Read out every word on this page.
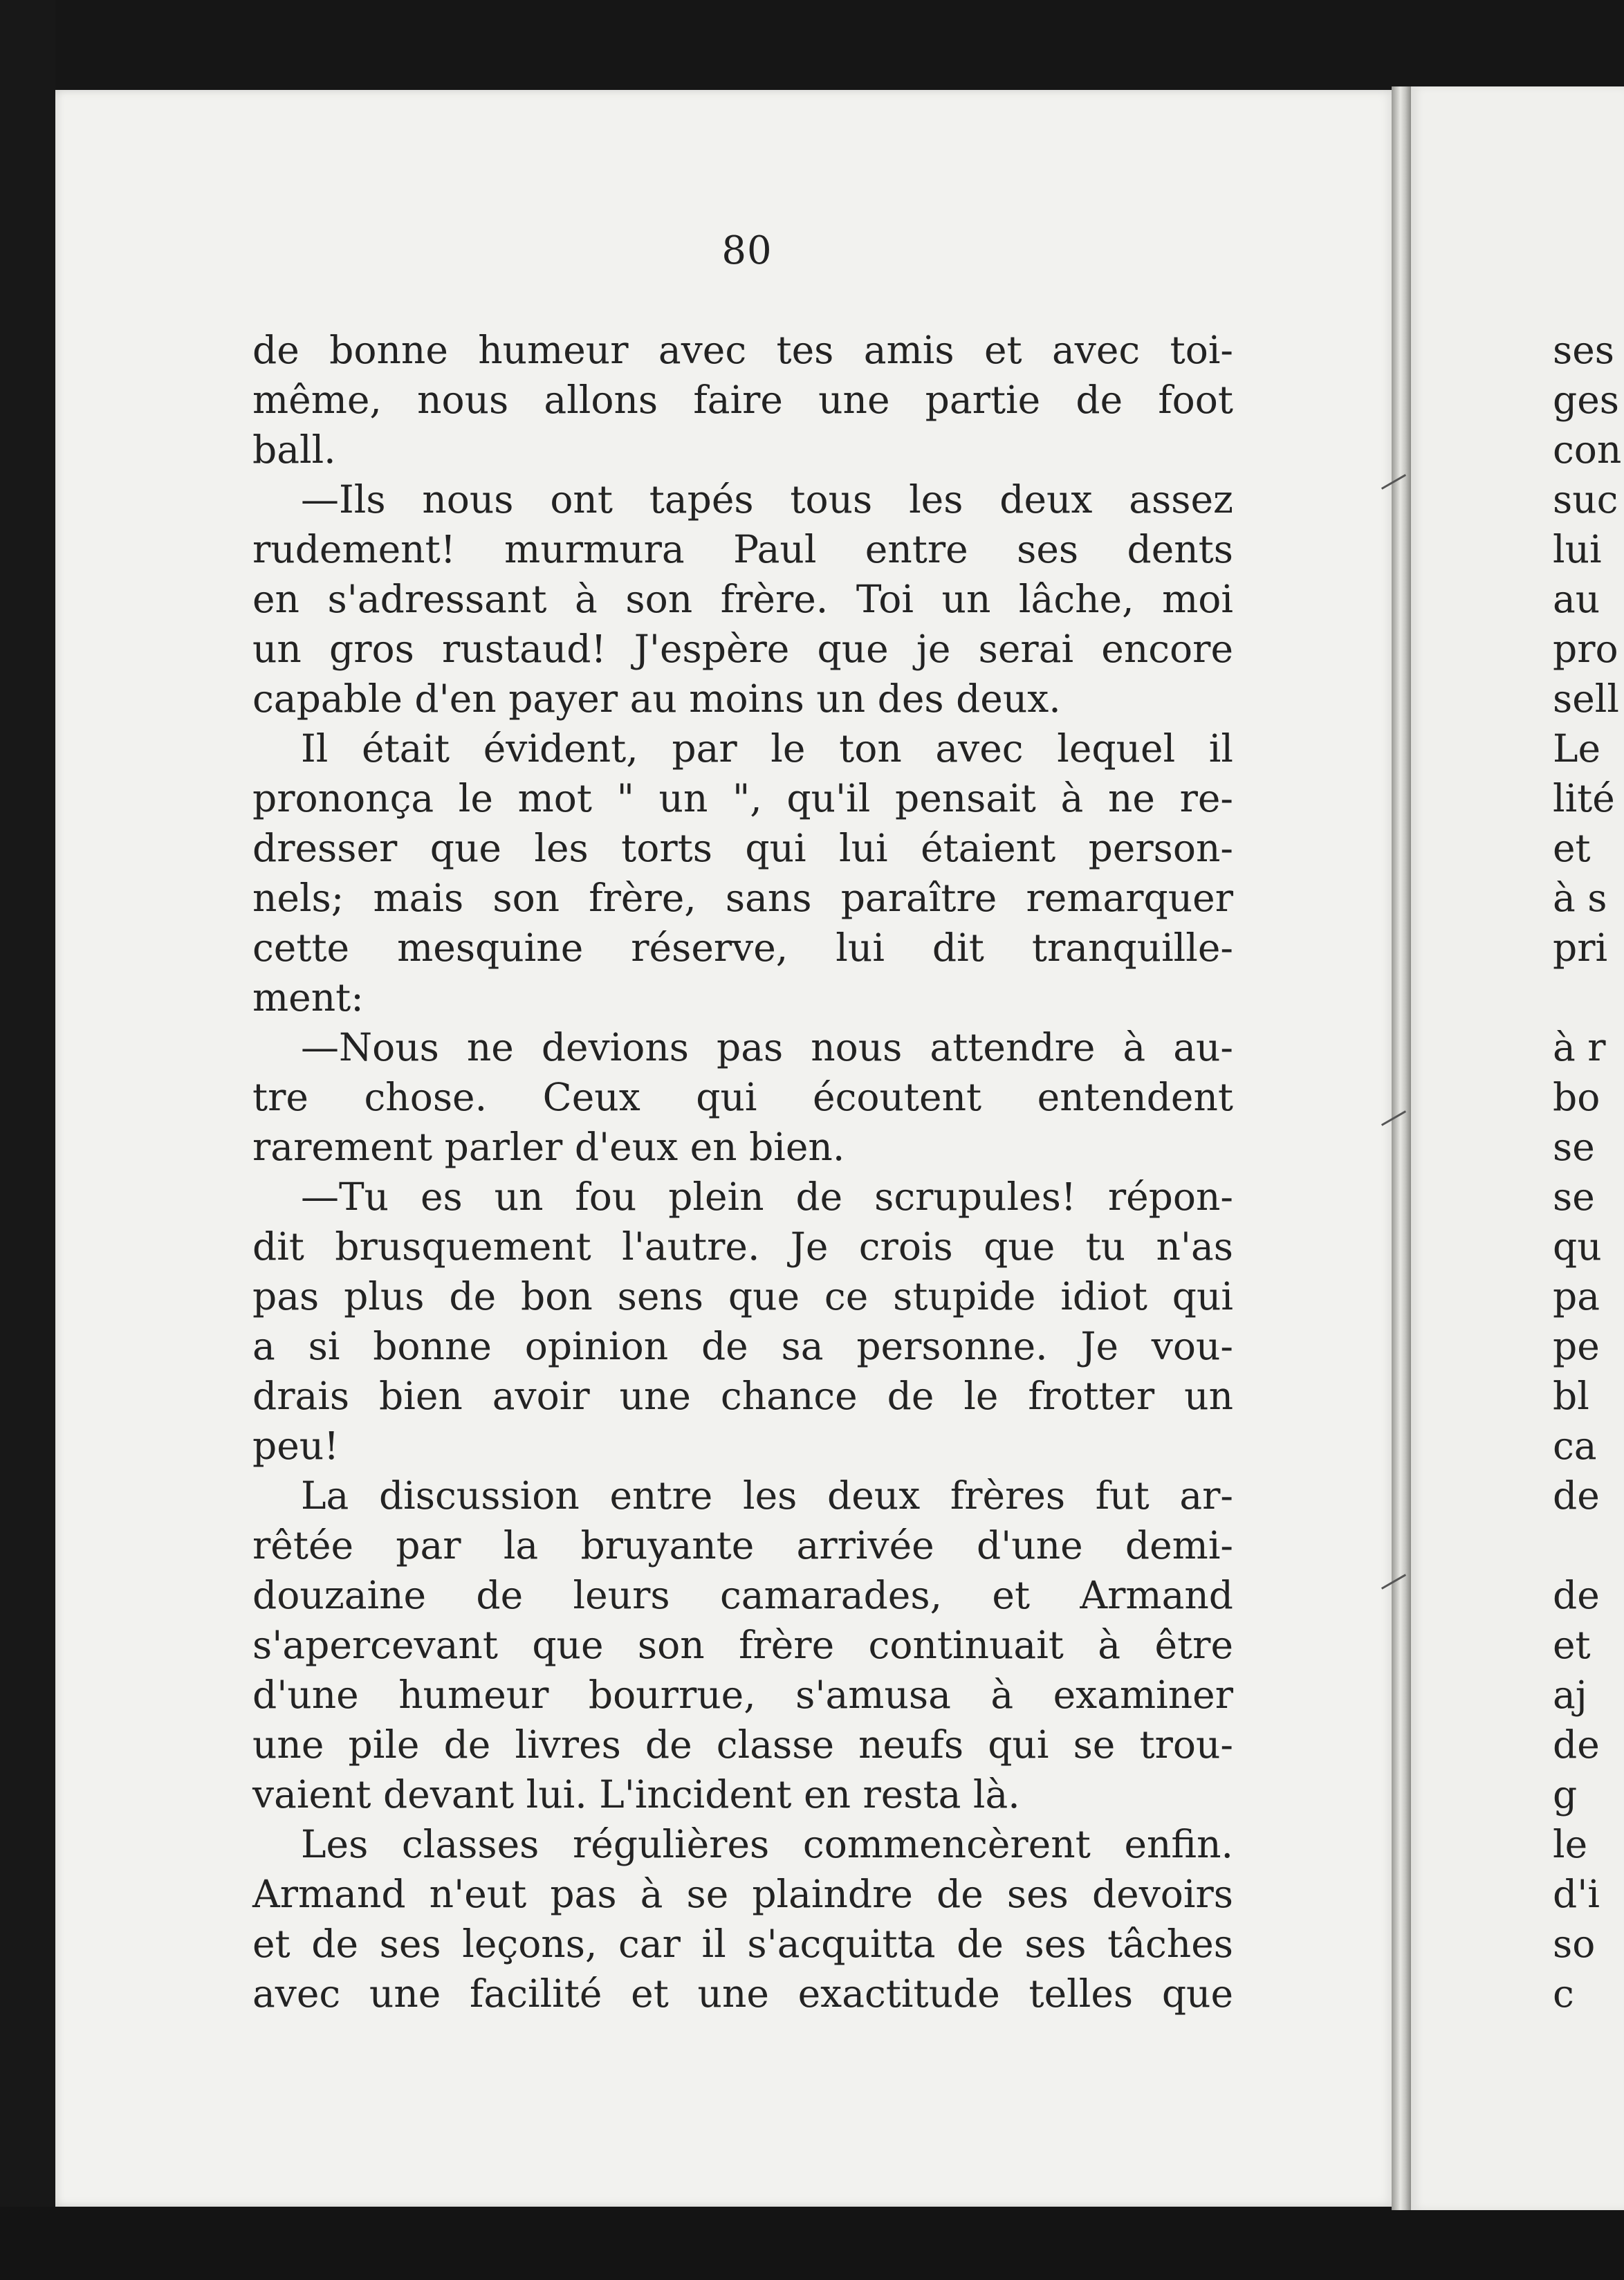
80
de bonne humeur avec tes amis et avec toi-
même, nous allons faire une partie de foot
ball.
—Ils nous ont tapés tous les deux assez
rudement! murmura Paul entre ses dents
en s'adressant à son frère. Toi un lâche, moi
un gros rustaud! J'espère que je serai encore
capable d'en payer au moins un des deux.
Il était évident, par le ton avec lequel il
prononça le mot " un ", qu'il pensait à ne re-
dresser que les torts qui lui étaient person-
nels; mais son frère, sans paraître remarquer
cette mesquine réserve, lui dit tranquille-
ment:
—Nous ne devions pas nous attendre à au-
tre chose. Ceux qui écoutent entendent
rarement parler d'eux en bien.
—Tu es un fou plein de scrupules! répon-
dit brusquement l'autre. Je crois que tu n'as
pas plus de bon sens que ce stupide idiot qui
a si bonne opinion de sa personne. Je vou-
drais bien avoir une chance de le frotter un
peu!
La discussion entre les deux frères fut ar-
rêtée par la bruyante arrivée d'une demi-
douzaine de leurs camarades, et Armand
s'apercevant que son frère continuait à être
d'une humeur bourrue, s'amusa à examiner
une pile de livres de classe neufs qui se trou-
vaient devant lui. L'incident en resta là.
Les classes régulières commencèrent enfin.
Armand n'eut pas à se plaindre de ses devoirs
et de ses leçons, car il s'acquitta de ses tâches
avec une facilité et une exactitude telles que
ses
ges
con
suc
lui
au
pro
sell
Le
lité
et
à s
pri
à r
bo
se
se
qu
pa
pe
bl
ca
de
de
et
aj
de
g
le
d'i
so
c
